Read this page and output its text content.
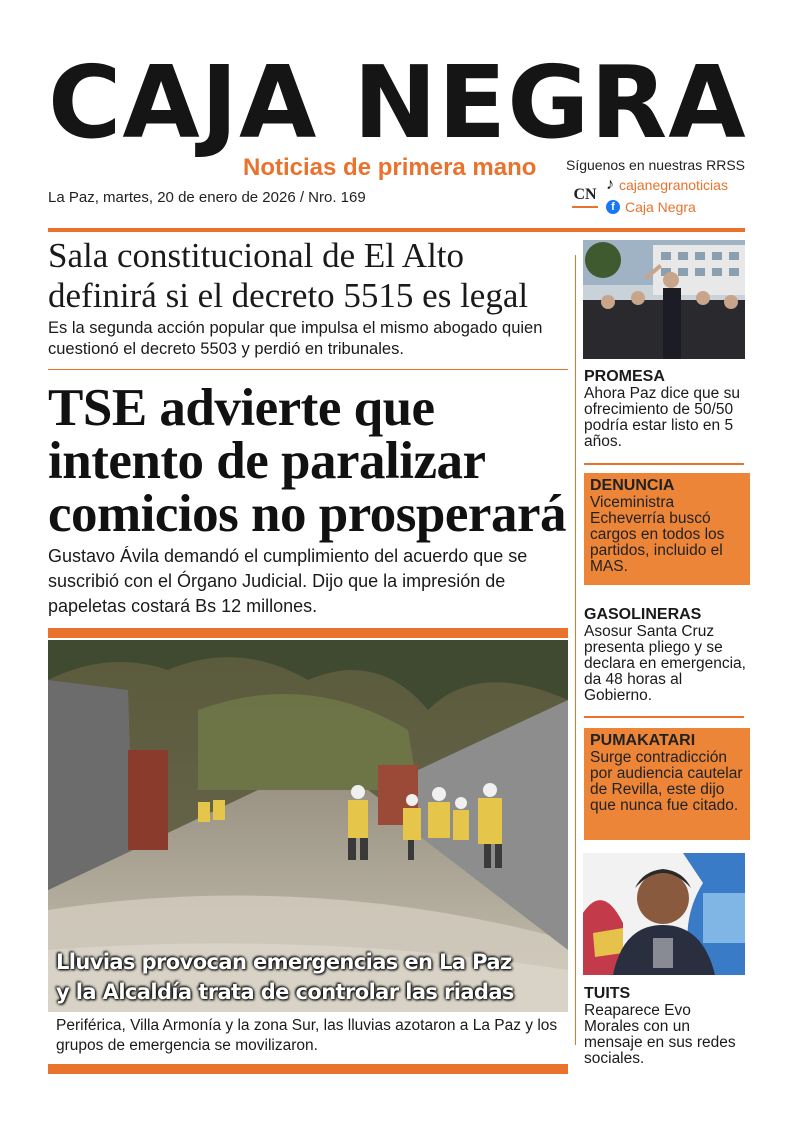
CAJA NEGRA
Noticias de primera mano Síguenos en nuestras RRSS
La Paz, martes, 20 de enero de 2026 / Nro. 169	CN
♪ cajanegranoticias
f Caja Negra
Sala constitucional de El Alto definirá si el decreto 5515 es legal
Es la segunda acción popular que impulsa el mismo abogado quien cuestionó el decreto 5503 y perdió en tribunales.
TSE advierte que intento de paralizar comicios no prosperará
Gustavo Ávila demandó el cumplimiento del acuerdo que se suscribió con el Órgano Judicial. Dijo que la impresión de papeletas costará Bs 12 millones.
Lluvias provocan emergencias en La Paz
y la Alcaldía trata de controlar las riadas
Periférica, Villa Armonía y la zona Sur, las lluvias azotaron a La Paz y los grupos de emergencia se movilizaron.
PROMESA
Ahora Paz dice que su ofrecimiento de 50/50 podría estar listo en 5 años.
DENUNCIA
Viceministra Echeverría buscó cargos en todos los partidos, incluido el MAS.
GASOLINERAS
Asosur Santa Cruz presenta pliego y se declara en emergencia, da 48 horas al Gobierno.
PUMAKATARI
Surge contradicción por audiencia cautelar de Revilla, este dijo que nunca fue citado.
TUITS
Reaparece Evo Morales con un mensaje en sus redes sociales.
